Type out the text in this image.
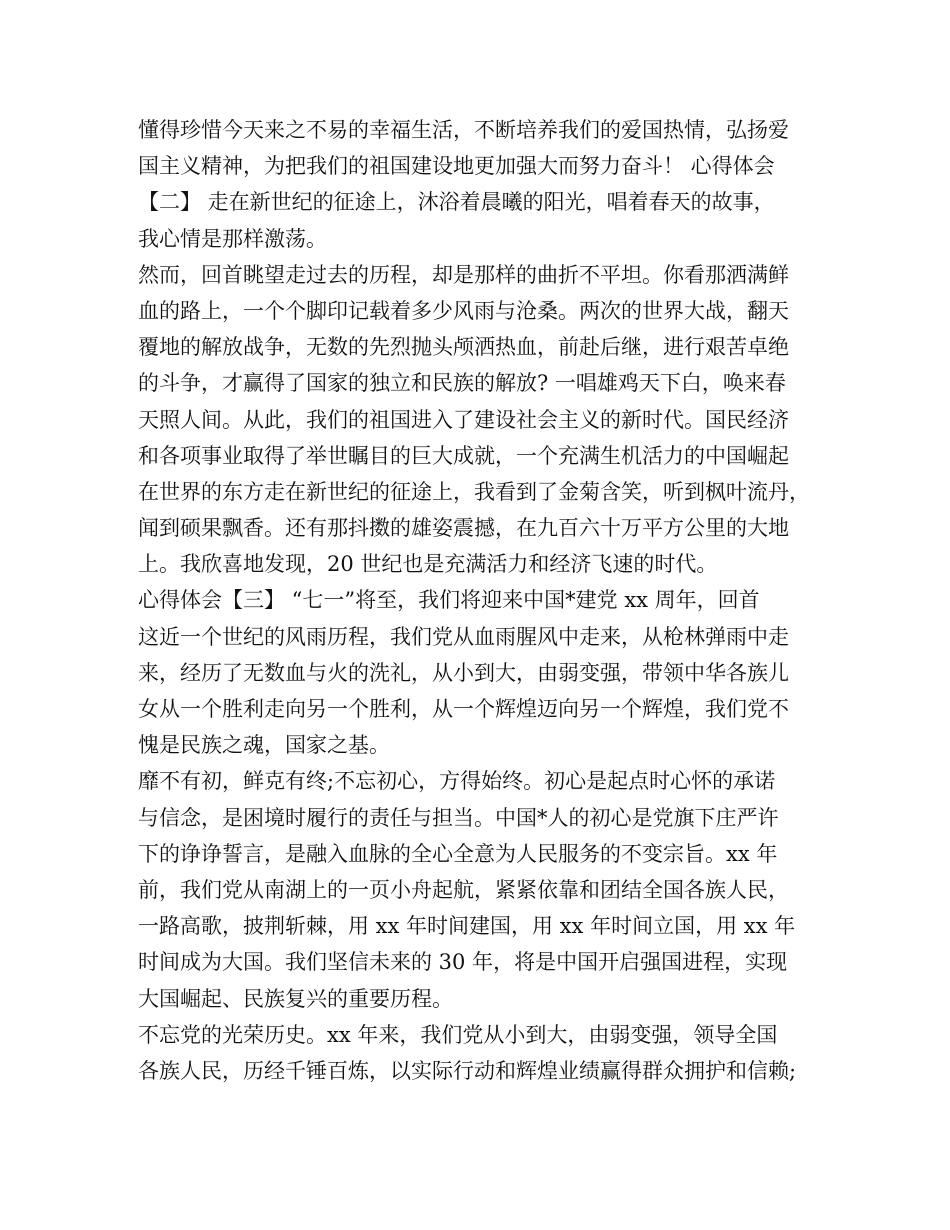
懂得珍惜今天来之不易的幸福生活，不断培养我们的爱国热情，弘扬爱
国主义精神，为把我们的祖国建设地更加强大而努力奋斗！ 心得体会
【二】 走在新世纪的征途上，沐浴着晨曦的阳光，唱着春天的故事，
我心情是那样激荡。
然而，回首眺望走过去的历程，却是那样的曲折不平坦。你看那洒满鲜
血的路上，一个个脚印记载着多少风雨与沧桑。两次的世界大战，翻天
覆地的解放战争，无数的先烈抛头颅洒热血，前赴后继，进行艰苦卓绝
的斗争，才赢得了国家的独立和民族的解放? 一唱雄鸡天下白，唤来春
天照人间。从此，我们的祖国进入了建设社会主义的新时代。国民经济
和各项事业取得了举世瞩目的巨大成就，一个充满生机活力的中国崛起
在世界的东方走在新世纪的征途上，我看到了金菊含笑，听到枫叶流丹，
闻到硕果飘香。还有那抖擞的雄姿震撼，在九百六十万平方公里的大地
上。我欣喜地发现，20 世纪也是充满活力和经济飞速的时代。
心得体会【三】 “七一”将至，我们将迎来中国*建党 xx 周年，回首
这近一个世纪的风雨历程，我们党从血雨腥风中走来，从枪林弹雨中走
来，经历了无数血与火的洗礼，从小到大，由弱变强，带领中华各族儿
女从一个胜利走向另一个胜利，从一个辉煌迈向另一个辉煌，我们党不
愧是民族之魂，国家之基。
靡不有初，鲜克有终;不忘初心，方得始终。初心是起点时心怀的承诺
与信念，是困境时履行的责任与担当。中国*人的初心是党旗下庄严许
下的诤诤誓言，是融入血脉的全心全意为人民服务的不变宗旨。xx 年
前，我们党从南湖上的一页小舟起航，紧紧依靠和团结全国各族人民，
一路高歌，披荆斩棘，用 xx 年时间建国，用 xx 年时间立国，用 xx 年
时间成为大国。我们坚信未来的 30 年，将是中国开启强国进程，实现
大国崛起、民族复兴的重要历程。
不忘党的光荣历史。xx 年来，我们党从小到大，由弱变强，领导全国
各族人民，历经千锤百炼，以实际行动和辉煌业绩赢得群众拥护和信赖;
